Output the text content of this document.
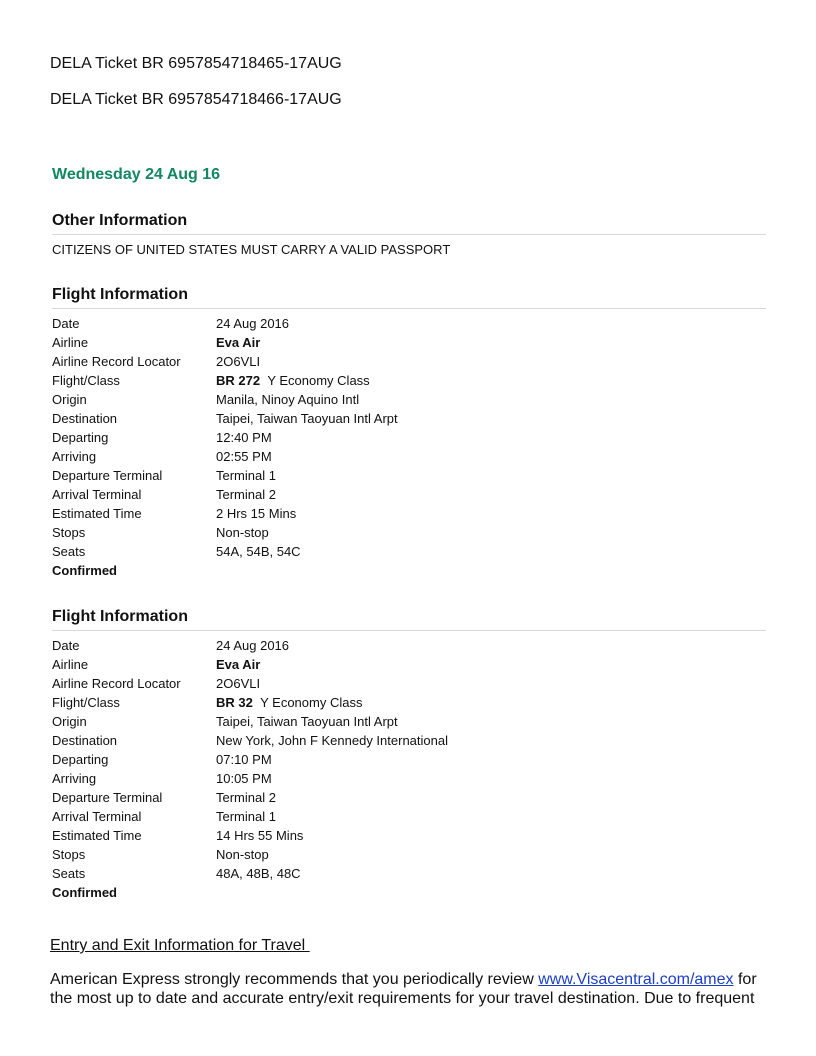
DELA Ticket BR 6957854718465-17AUG
DELA Ticket BR 6957854718466-17AUG
Wednesday 24 Aug 16
Other Information
CITIZENS OF UNITED STATES MUST CARRY A VALID PASSPORT
Flight Information
Date	24 Aug 2016
Airline	Eva Air
Airline Record Locator	2O6VLI
Flight/Class	BR 272 Y Economy Class
Origin	Manila, Ninoy Aquino Intl
Destination	Taipei, Taiwan Taoyuan Intl Arpt
Departing	12:40 PM
Arriving	02:55 PM
Departure Terminal	Terminal 1
Arrival Terminal	Terminal 2
Estimated Time	2 Hrs 15 Mins
Stops	Non-stop
Seats	54A, 54B, 54C
Confirmed
Flight Information
Date	24 Aug 2016
Airline	Eva Air
Airline Record Locator	2O6VLI
Flight/Class	BR 32 Y Economy Class
Origin	Taipei, Taiwan Taoyuan Intl Arpt
Destination	New York, John F Kennedy International
Departing	07:10 PM
Arriving	10:05 PM
Departure Terminal	Terminal 2
Arrival Terminal	Terminal 1
Estimated Time	14 Hrs 55 Mins
Stops	Non-stop
Seats	48A, 48B, 48C
Confirmed
Entry and Exit Information for Travel
American Express strongly recommends that you periodically review www.Visacentral.com/amex for the most up to date and accurate entry/exit requirements for your travel destination. Due to frequent
